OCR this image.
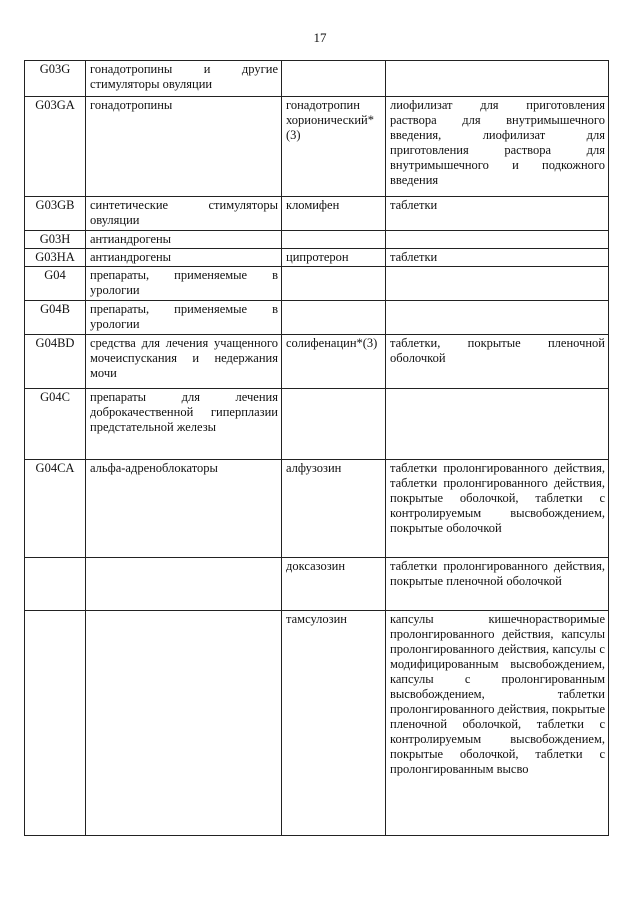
17
G03G	гонадотропины и другие стимуляторы овуляции		
G03GA	гонадотропины	гонадотропин хорионический*(3)	лиофилизат для приготовления раствора для внутримышечного введения, лиофилизат для приготовления раствора для внутримышечного и подкожного введения
G03GB	синтетические стимуляторы овуляции	кломифен	таблетки
G03H	антиандрогены		
G03HA	антиандрогены	ципротерон	таблетки
G04	препараты, применяемые в урологии		
G04B	препараты, применяемые в урологии		
G04BD	средства для лечения учащенного мочеиспускания и недержания мочи	солифенацин*(3)	таблетки, покрытые пленочной оболочкой
G04C	препараты для лечения доброкачественной гиперплазии предстательной железы		
G04CA	альфа-адреноблокаторы	алфузозин	таблетки пролонгированного действия, таблетки пролонгированного действия, покрытые оболочкой, таблетки с контролируемым высвобождением, покрытые оболочкой
		доксазозин	таблетки пролонгированного действия, покрытые пленочной оболочкой
		тамсулозин	капсулы кишечнорастворимые пролонгированного действия, капсулы пролонгированного действия, капсулы с модифицированным высвобождением, капсулы с пролонгированным высвобождением, таблетки пролонгированного действия, покрытые пленочной оболочкой, таблетки с контролируемым высвобождением, покрытые оболочкой, таблетки с пролонгированным высво
